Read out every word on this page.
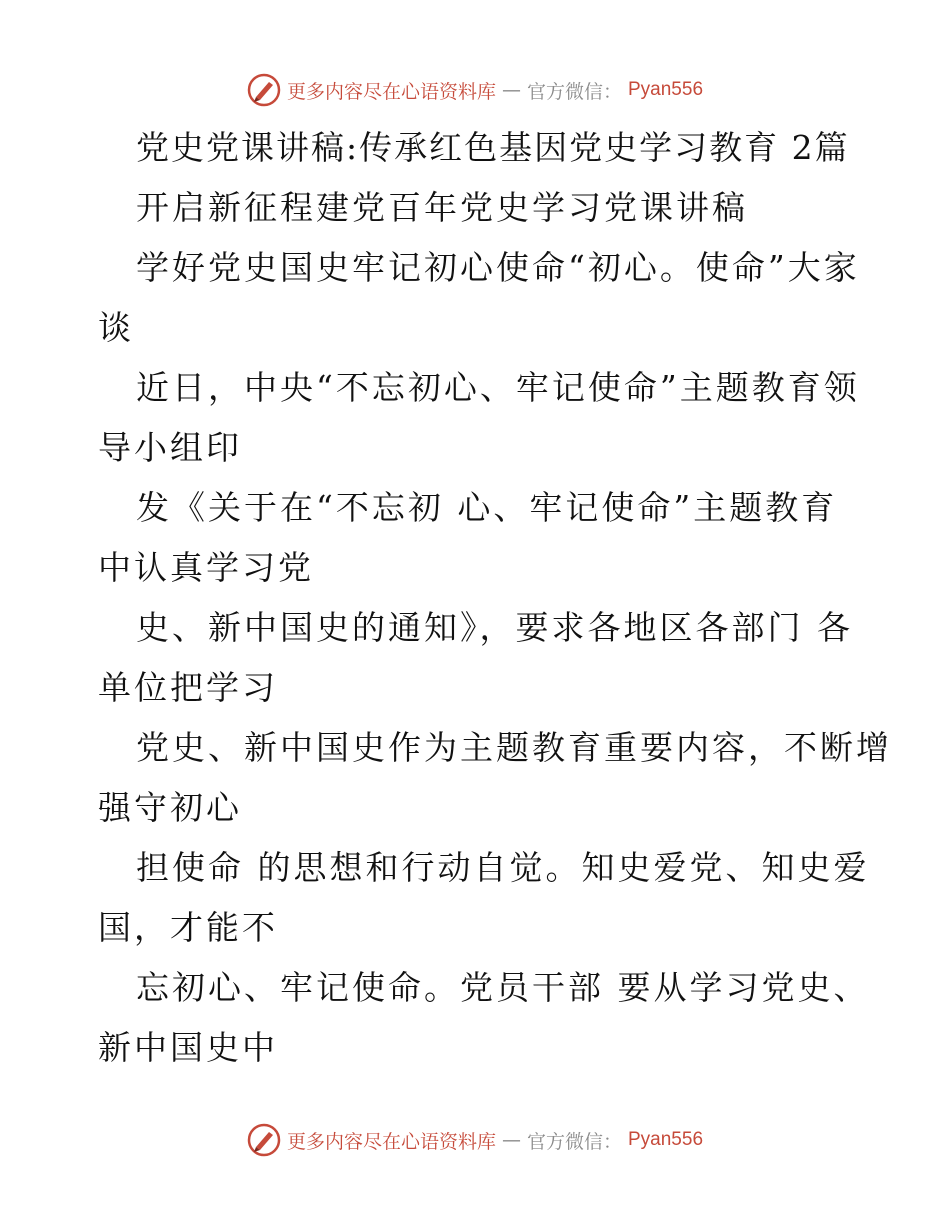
更多内容尽在心语资料库 — 官方微信： Pyan556
党史党课讲稿:传承红色基因党史学习教育 2篇
开启新征程建党百年党史学习党课讲稿
学好党史国史牢记初心使命“初心。使命”大家
谈
近日，中央“不忘初心、牢记使命”主题教育领
导小组印
发《关于在“不忘初 心、牢记使命”主题教育
中认真学习党
史、新中国史的通知》，要求各地区各部门 各
单位把学习
党史、新中国史作为主题教育重要内容，不断增
强守初心
担使命 的思想和行动自觉。知史爱党、知史爱
国，才能不
忘初心、牢记使命。党员干部 要从学习党史、
新中国史中
更多内容尽在心语资料库 — 官方微信： Pyan556
